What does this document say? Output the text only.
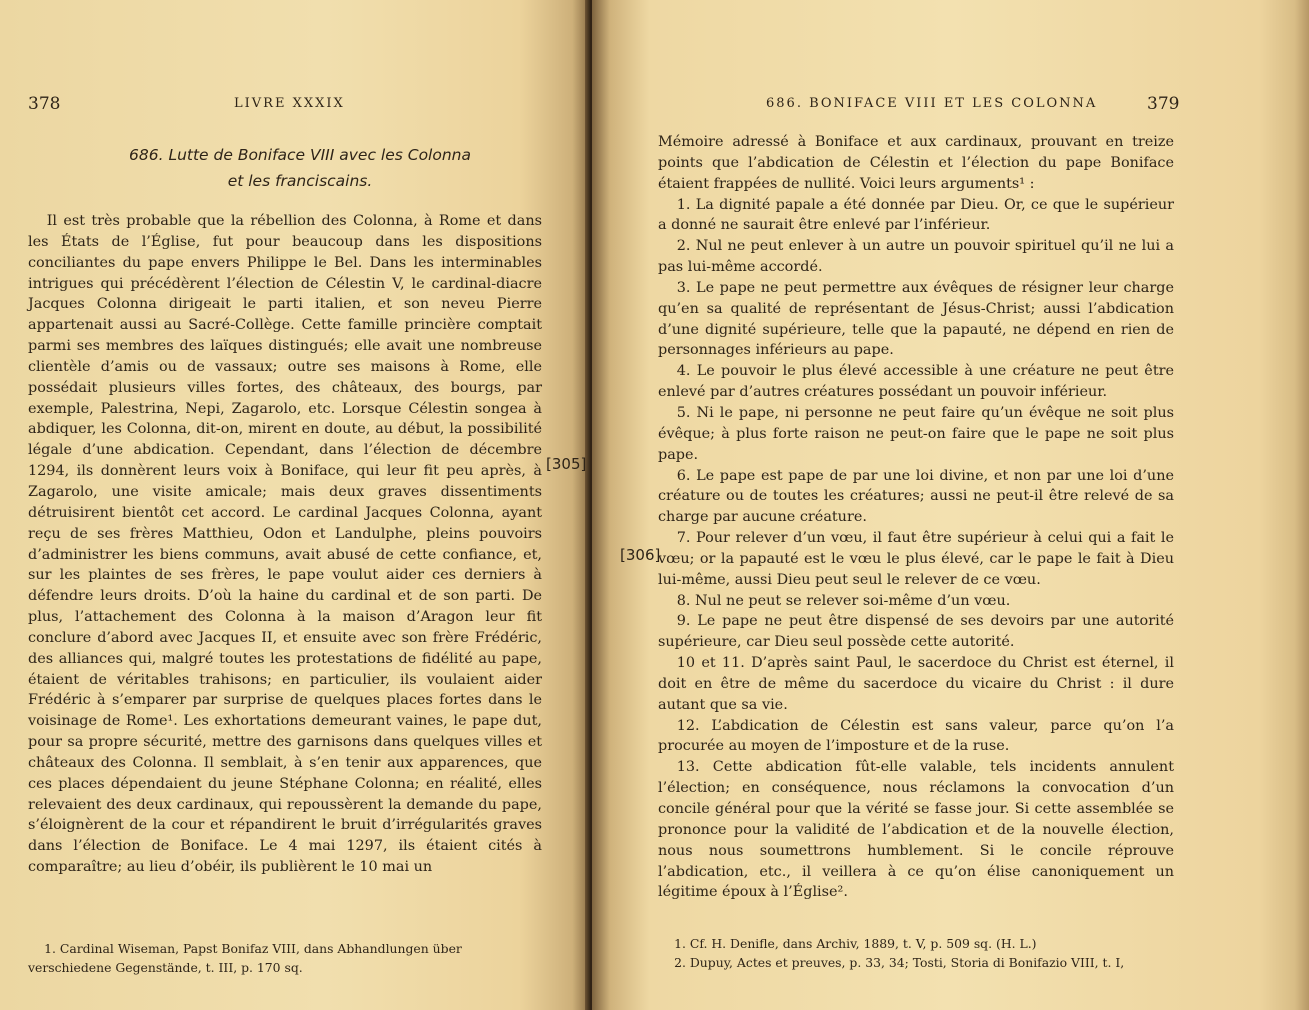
378	LIVRE XXXIX
686. Lutte de Boniface VIII avec les Colonna
et les franciscains.

Il est très probable que la rébellion des Colonna, à Rome et dans les États de l’Église, fut pour beaucoup dans les dispositions conciliantes du pape envers Philippe le Bel. Dans les interminables intrigues qui précédèrent l’élection de Célestin V, le cardinal-diacre Jacques Colonna dirigeait le parti italien, et son neveu Pierre appartenait aussi au Sacré-Collège. Cette famille princière comptait parmi ses membres des laïques distingués; elle avait une nombreuse clientèle d’amis ou de vassaux; outre ses maisons à Rome, elle possédait plusieurs villes fortes, des châteaux, des bourgs, par exemple, Palestrina, Nepi, Zagarolo, etc. Lorsque Célestin songea à abdiquer, les Colonna, dit-on, mirent en doute, au début, la possibilité légale d’une abdication. Cependant, dans l’élection de décembre 1294, ils donnèrent leurs voix à Boniface, qui leur fit peu après, à Zagarolo, une visite amicale; mais deux graves dissentiments détruisirent bientôt cet accord. Le cardinal Jacques Colonna, ayant reçu de ses frères Matthieu, Odon et Landulphe, pleins pouvoirs d’administrer les biens communs, avait abusé de cette confiance, et, sur les plaintes de ses frères, le pape voulut aider ces derniers à défendre leurs droits. D’où la haine du cardinal et de son parti. De plus, l’attachement des Colonna à la maison d’Aragon leur fit conclure d’abord avec Jacques II, et ensuite avec son frère Frédéric, des alliances qui, malgré toutes les protestations de fidélité au pape, étaient de véritables trahisons; en particulier, ils voulaient aider Frédéric à s’emparer par surprise de quelques places fortes dans le voisinage de Rome¹. Les exhortations demeurant vaines, le pape dut, pour sa propre sécurité, mettre des garnisons dans quelques villes et châteaux des Colonna. Il semblait, à s’en tenir aux apparences, que ces places dépendaient du jeune Stéphane Colonna; en réalité, elles relevaient des deux cardinaux, qui repoussèrent la demande du pape, s’éloignèrent de la cour et répandirent le bruit d’irrégularités graves dans l’élection de Boniface. Le 4 mai 1297, ils étaient cités à comparaître; au lieu d’obéir, ils publièrent le 10 mai un

1. Cardinal Wiseman, Papst Bonifaz VIII, dans Abhandlungen über verschiedene Gegenstände, t. III, p. 170 sq.

686. BONIFACE VIII ET LES COLONNA	379

Mémoire adressé à Boniface et aux cardinaux, prouvant en treize points que l’abdication de Célestin et l’élection du pape Boniface étaient frappées de nullité. Voici leurs arguments¹ :

1. La dignité papale a été donnée par Dieu. Or, ce que le supérieur a donné ne saurait être enlevé par l’inférieur.

2. Nul ne peut enlever à un autre un pouvoir spirituel qu’il ne lui a pas lui-même accordé.

3. Le pape ne peut permettre aux évêques de résigner leur charge qu’en sa qualité de représentant de Jésus-Christ; aussi l’abdication d’une dignité supérieure, telle que la papauté, ne dépend en rien de personnages inférieurs au pape.

4. Le pouvoir le plus élevé accessible à une créature ne peut être enlevé par d’autres créatures possédant un pouvoir inférieur.

5. Ni le pape, ni personne ne peut faire qu’un évêque ne soit plus évêque; à plus forte raison ne peut-on faire que le pape ne soit plus pape.

6. Le pape est pape de par une loi divine, et non par une loi d’une créature ou de toutes les créatures; aussi ne peut-il être relevé de sa charge par aucune créature.

7. Pour relever d’un vœu, il faut être supérieur à celui qui a fait le vœu; or la papauté est le vœu le plus élevé, car le pape le fait à Dieu lui-même, aussi Dieu peut seul le relever de ce vœu.

8. Nul ne peut se relever soi-même d’un vœu.

9. Le pape ne peut être dispensé de ses devoirs par une autorité supérieure, car Dieu seul possède cette autorité.

10 et 11. D’après saint Paul, le sacerdoce du Christ est éternel, il doit en être de même du sacerdoce du vicaire du Christ : il dure autant que sa vie.

12. L’abdication de Célestin est sans valeur, parce qu’on l’a procurée au moyen de l’imposture et de la ruse.

13. Cette abdication fût-elle valable, tels incidents annulent l’élection; en conséquence, nous réclamons la convocation d’un concile général pour que la vérité se fasse jour. Si cette assemblée se prononce pour la validité de l’abdication et de la nouvelle élection, nous nous soumettrons humblement. Si le concile réprouve l’abdication, etc., il veillera à ce qu’on élise canoniquement un légitime époux à l’Église².

1. Cf. H. Denifle, dans Archiv, 1889, t. V, p. 509 sq. (H. L.)

2. Dupuy, Actes et preuves, p. 33, 34; Tosti, Storia di Bonifazio VIII, t. I,

[305]
[306]
